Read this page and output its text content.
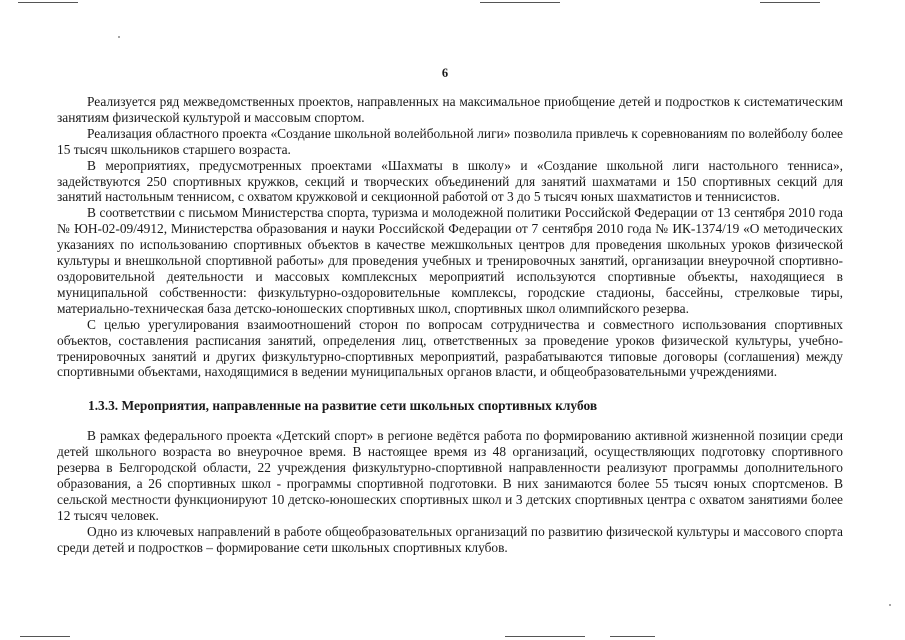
6

Реализуется ряд межведомственных проектов, направленных на максимальное приобщение детей и подростков к систематическим занятиям физической культурой и массовым спортом.

Реализация областного проекта «Создание школьной волейбольной лиги» позволила привлечь к соревнованиям по волейболу более 15 тысяч школьников старшего возраста.

В мероприятиях, предусмотренных проектами «Шахматы в школу» и «Создание школьной лиги настольного тенниса», задействуются 250 спортивных кружков, секций и творческих объединений для занятий шахматами и 150 спортивных секций для занятий настольным теннисом, с охватом кружковой и секционной работой от 3 до 5 тысяч юных шахматистов и теннисистов.

В соответствии с письмом Министерства спорта, туризма и молодежной политики Российской Федерации от 13 сентября 2010 года № ЮН-02-09/4912, Министерства образования и науки Российской Федерации от 7 сентября 2010 года № ИК-1374/19 «О методических указаниях по использованию спортивных объектов в качестве межшкольных центров для проведения школьных уроков физической культуры и внешкольной спортивной работы» для проведения учебных и тренировочных занятий, организации внеурочной спортивно-оздоровительной деятельности и массовых комплексных мероприятий используются спортивные объекты, находящиеся в муниципальной собственности: физкультурно-оздоровительные комплексы, городские стадионы, бассейны, стрелковые тиры, материально-техническая база детско-юношеских спортивных школ, спортивных школ олимпийского резерва.

С целью урегулирования взаимоотношений сторон по вопросам сотрудничества и совместного использования спортивных объектов, составления расписания занятий, определения лиц, ответственных за проведение уроков физической культуры, учебно-тренировочных занятий и других физкультурно-спортивных мероприятий, разрабатываются типовые договоры (соглашения) между спортивными объектами, находящимися в ведении муниципальных органов власти, и общеобразовательными учреждениями.

1.3.3. Мероприятия, направленные на развитие сети школьных спортивных клубов

В рамках федерального проекта «Детский спорт» в регионе ведётся работа по формированию активной жизненной позиции среди детей школьного возраста во внеурочное время. В настоящее время из 48 организаций, осуществляющих подготовку спортивного резерва в Белгородской области, 22 учреждения физкультурно-спортивной направленности реализуют программы дополнительного образования, а 26 спортивных школ - программы спортивной подготовки. В них занимаются более 55 тысяч юных спортсменов. В сельской местности функционируют 10 детско-юношеских спортивных школ и 3 детских спортивных центра с охватом занятиями более 12 тысяч человек.

Одно из ключевых направлений в работе общеобразовательных организаций по развитию физической культуры и массового спорта среди детей и подростков – формирование сети школьных спортивных клубов.
